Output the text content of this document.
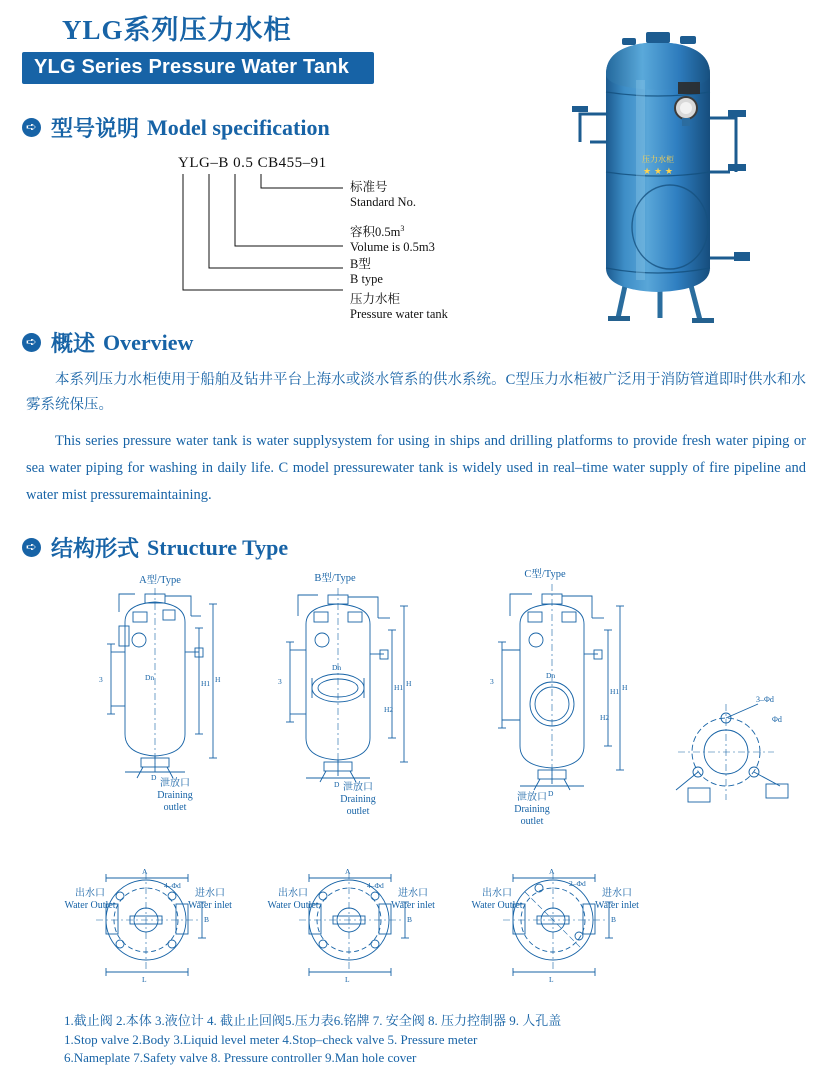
YLG系列压力水柜
YLG Series Pressure Water Tank
➪ 型号说明 Model specification
YLG–B 0.5 CB455–91
标准号
Standard No.
容积$0.5m^3$
Volume is 0.5m3
B型
B type
压力水柜
Pressure water tank
压力水柜
★ ★ ★
➪ 概述 Overview
本系列压力水柜使用于船舶及钻井平台上海水或淡水管系的供水系统。C型压力水柜被广泛用于消防管道即时供水和水雾系统保压。
This series pressure water tank is water supplysystem for using in ships and drilling platforms to provide fresh water piping or sea water piping for washing in daily life. C model pressurewater tank is widely used in real–time water supply of fire pipeline and water mist pressuremaintaining.
➪ 结构形式 Structure Type
A型/Type	B型/Type	C型/Type
H
H1
Dn
D
3
泄放口
Draining
outlet
H
H1
H2
Dn
D
3
泄放口
Draining
outlet
H
H1
H2
Dn
D
3
泄放口
Draining
outlet
3–Φd
Φd
A
B
L
4–Φd
出水口
Water Outlet
进水口
Water inlet
A
B
L
4–Φd
出水口
Water Outlet
进水口
Water inlet
A
B
L
2–Φd
出水口
Water Outlet
进水口
Water inlet
1.截止阀 2.本体 3.液位计 4. 截止止回阀5.压力表6.铭牌 7. 安全阀 8. 压力控制器 9. 人孔盖
1.Stop valve 2.Body 3.Liquid level meter 4.Stop–check valve 5. Pressure meter
6.Nameplate 7.Safety valve 8. Pressure controller 9.Man hole cover
